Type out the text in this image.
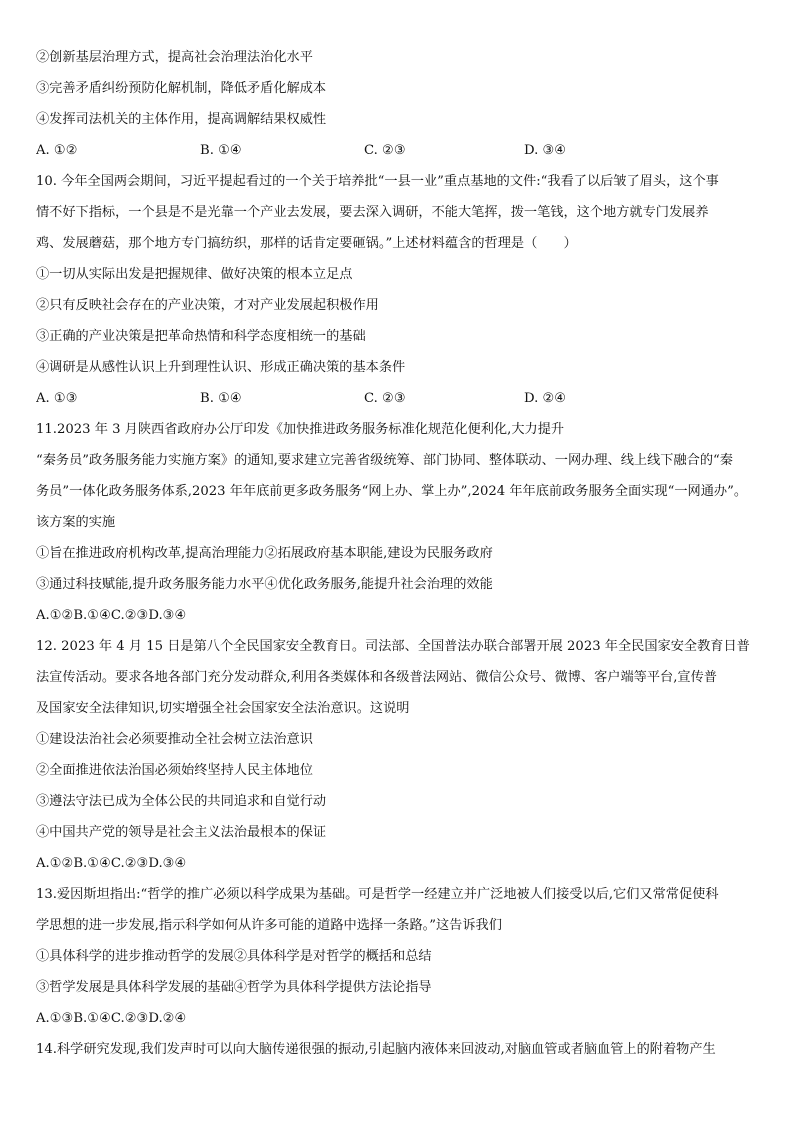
②创新基层治理方式，提高社会治理法治化水平
③完善矛盾纠纷预防化解机制，降低矛盾化解成本
④发挥司法机关的主体作用，提高调解结果权威性
A. ①②	B. ①④	C. ②③	D. ③④
10. 今年全国两会期间，习近平提起看过的一个关于培养批“一县一业”重点基地的文件:“我看了以后皱了眉头，这个事
情不好下指标，一个县是不是光靠一个产业去发展，要去深入调研，不能大笔挥，拨一笔钱，这个地方就专门发展养
鸡、发展蘑菇，那个地方专门搞纺织，那样的话肯定要砸锅。”上述材料蕴含的哲理是（　　）
①一切从实际出发是把握规律、做好决策的根本立足点
②只有反映社会存在的产业决策，才对产业发展起积极作用
③正确的产业决策是把革命热情和科学态度相统一的基础
④调研是从感性认识上升到理性认识、形成正确决策的基本条件
A. ①③	B. ①④	C. ②③	D. ②④
11.2023 年 3 月陕西省政府办公厅印发《加快推进政务服务标准化规范化便利化,大力提升
“秦务员”政务服务能力实施方案》的通知,要求建立完善省级统筹、部门协同、整体联动、一网办理、线上线下融合的“秦
务员”一体化政务服务体系,2023 年年底前更多政务服务“网上办、掌上办”,2024 年年底前政务服务全面实现“一网通办”。
该方案的实施
①旨在推进政府机构改革,提高治理能力②拓展政府基本职能,建设为民服务政府
③通过科技赋能,提升政务服务能力水平④优化政务服务,能提升社会治理的效能
A.①②B.①④C.②③D.③④
12. 2023 年 4 月 15 日是第八个全民国家安全教育日。司法部、全国普法办联合部署开展 2023 年全民国家安全教育日普
法宣传活动。要求各地各部门充分发动群众,利用各类媒体和各级普法网站、微信公众号、微博、客户端等平台,宣传普
及国家安全法律知识,切实增强全社会国家安全法治意识。这说明
①建设法治社会必须要推动全社会树立法治意识
②全面推进依法治国必须始终坚持人民主体地位
③遵法守法已成为全体公民的共同追求和自觉行动
④中国共产党的领导是社会主义法治最根本的保证
A.①②B.①④C.②③D.③④
13.爱因斯坦指出:“哲学的推广必须以科学成果为基础。可是哲学一经建立并广泛地被人们接受以后,它们又常常促使科
学思想的进一步发展,指示科学如何从许多可能的道路中选择一条路。”这告诉我们
①具体科学的进步推动哲学的发展②具体科学是对哲学的概括和总结
③哲学发展是具体科学发展的基础④哲学为具体科学提供方法论指导
A.①③B.①④C.②③D.②④
14.科学研究发现,我们发声时可以向大脑传递很强的振动,引起脑内液体来回波动,对脑血管或者脑血管上的附着物产生
